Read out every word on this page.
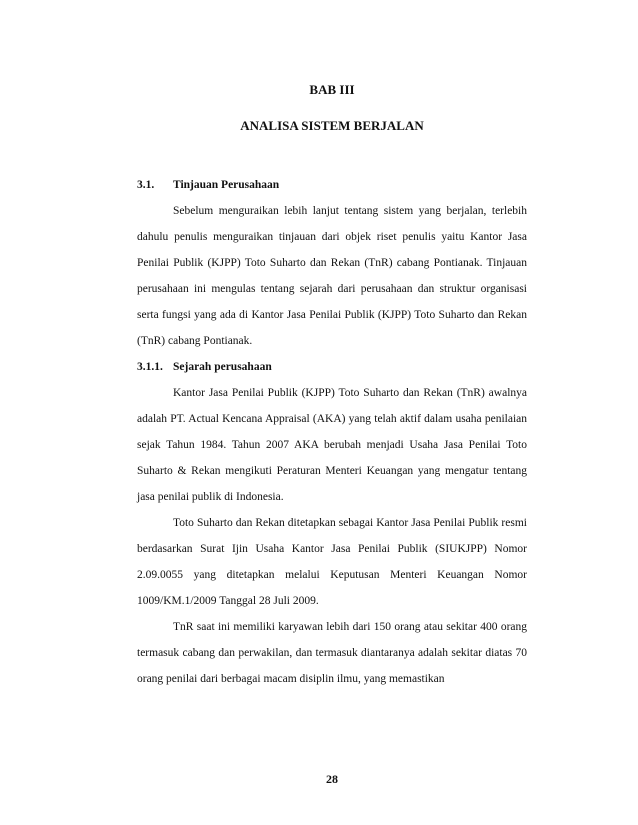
BAB III
ANALISA SISTEM BERJALAN
3.1.	Tinjauan Perusahaan

Sebelum menguraikan lebih lanjut tentang sistem yang berjalan, terlebih dahulu penulis menguraikan tinjauan dari objek riset penulis yaitu Kantor Jasa Penilai Publik (KJPP) Toto Suharto dan Rekan (TnR) cabang Pontianak. Tinjauan perusahaan ini mengulas tentang sejarah dari perusahaan dan struktur organisasi serta fungsi yang ada di Kantor Jasa Penilai Publik (KJPP) Toto Suharto dan Rekan (TnR) cabang Pontianak.

3.1.1. Sejarah perusahaan

Kantor Jasa Penilai Publik (KJPP) Toto Suharto dan Rekan (TnR) awalnya adalah PT. Actual Kencana Appraisal (AKA) yang telah aktif dalam usaha penilaian sejak Tahun 1984. Tahun 2007 AKA berubah menjadi Usaha Jasa Penilai Toto Suharto & Rekan mengikuti Peraturan Menteri Keuangan yang mengatur tentang jasa penilai publik di Indonesia.

Toto Suharto dan Rekan ditetapkan sebagai Kantor Jasa Penilai Publik resmi berdasarkan Surat Ijin Usaha Kantor Jasa Penilai Publik (SIUKJPP) Nomor 2.09.0055 yang ditetapkan melalui Keputusan Menteri Keuangan Nomor 1009/KM.1/2009 Tanggal 28 Juli 2009.

TnR saat ini memiliki karyawan lebih dari 150 orang atau sekitar 400 orang termasuk cabang dan perwakilan, dan termasuk diantaranya adalah sekitar diatas 70 orang penilai dari berbagai macam disiplin ilmu, yang memastikan

28
